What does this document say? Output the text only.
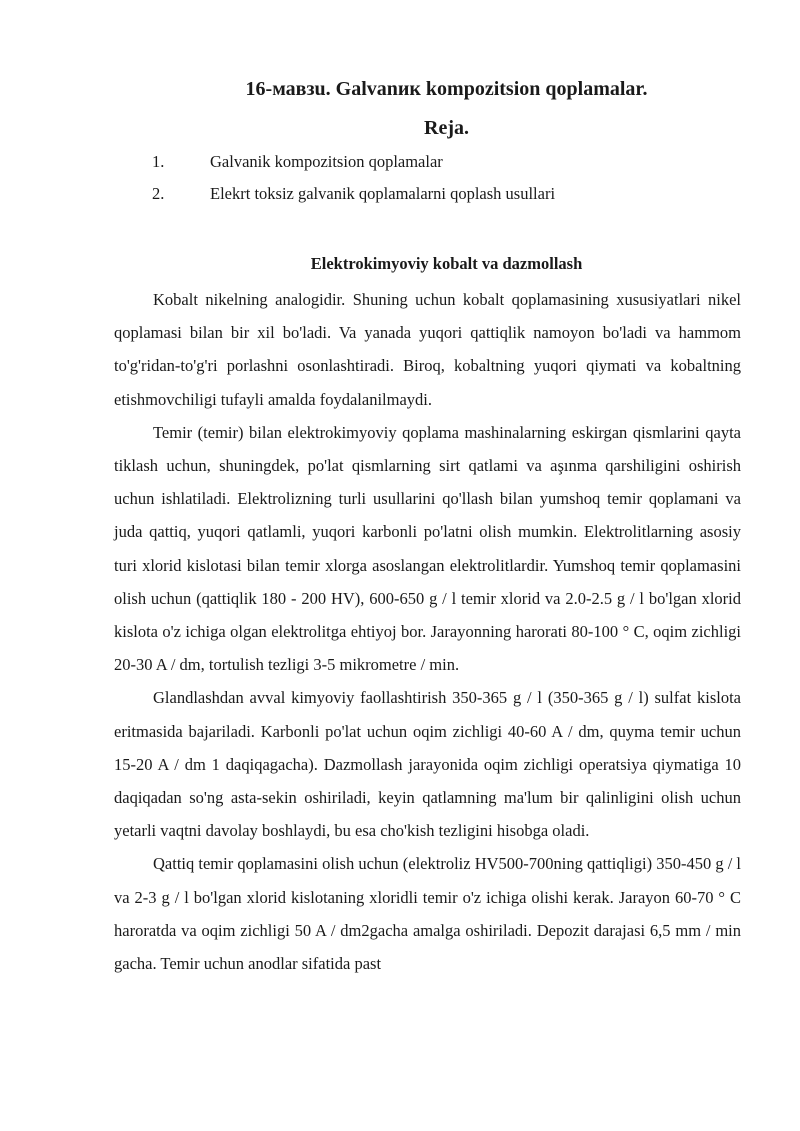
16-мавзu. Galvanик kompozitsion qoplamalar.
Reja.
1.	Galvanik kompozitsion qoplamalar
2.	Elekrt toksiz galvanik qoplamalarni qoplash usullari
Elektrokimyoviy kobalt va dazmollash

Kobalt nikelning analogidir. Shuning uchun kobalt qoplamasining xususiyatlari nikel qoplamasi bilan bir xil bo'ladi. Va yanada yuqori qattiqlik namoyon bo'ladi va hammom to'g'ridan-to'g'ri porlashni osonlashtiradi. Biroq, kobaltning yuqori qiymati va kobaltning etishmovchiligi tufayli amalda foydalanilmaydi.

Temir (temir) bilan elektrokimyoviy qoplama mashinalarning eskirgan qismlarini qayta tiklash uchun, shuningdek, po'lat qismlarning sirt qatlami va aşınma qarshiligini oshirish uchun ishlatiladi. Elektrolizning turli usullarini qo'llash bilan yumshoq temir qoplamani va juda qattiq, yuqori qatlamli, yuqori karbonli po'latni olish mumkin. Elektrolitlarning asosiy turi xlorid kislotasi bilan temir xlorga asoslangan elektrolitlardir. Yumshoq temir qoplamasini olish uchun (qattiqlik 180 - 200 HV), 600-650 g / l temir xlorid va 2.0-2.5 g / l bo'lgan xlorid kislota o'z ichiga olgan elektrolitga ehtiyoj bor. Jarayonning harorati 80-100 ° C, oqim zichligi 20-30 A / dm, tortulish tezligi 3-5 mikrometre / min.

Glandlashdan avval kimyoviy faollashtirish 350-365 g / l (350-365 g / l) sulfat kislota eritmasida bajariladi. Karbonli po'lat uchun oqim zichligi 40-60 A / dm, quyma temir uchun 15-20 A / dm 1 daqiqagacha). Dazmollash jarayonida oqim zichligi operatsiya qiymatiga 10 daqiqadan so'ng asta-sekin oshiriladi, keyin qatlamning ma'lum bir qalinligini olish uchun yetarli vaqtni davolay boshlaydi, bu esa cho'kish tezligini hisobga oladi.

Qattiq temir qoplamasini olish uchun (elektroliz HV500-700ning qattiqligi) 350-450 g / l va 2-3 g / l bo'lgan xlorid kislotaning xloridli temir o'z ichiga olishi kerak. Jarayon 60-70 ° C haroratda va oqim zichligi 50 A / dm2gacha amalga oshiriladi. Depozit darajasi 6,5 mm / min gacha. Temir uchun anodlar sifatida past
